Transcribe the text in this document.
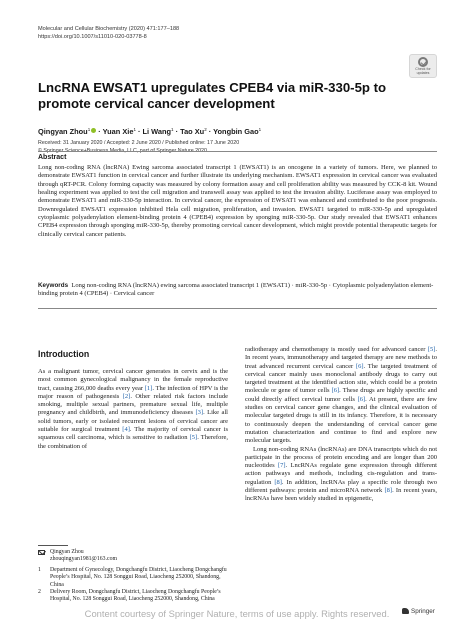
Molecular and Cellular Biochemistry (2020) 471:177–188
https://doi.org/10.1007/s11010-020-03778-8
Check for
updates
LncRNA EWSAT1 upregulates CPEB4 via miR-330-5p to promote cervical cancer development
Qingyan Zhou$^1$ · Yuan Xie$^1$ · Li Wang$^1$ · Tao $Xu^2$ · Yongbin Gao$^1$
Received: 31 January 2020 / Accepted: 2 June 2020 / Published online: 17 June 2020
© Springer Science+Business Media, LLC, part of Springer Nature 2020
Abstract
Long non-coding RNA (lncRNA) Ewing sarcoma associated transcript 1 (EWSAT1) is an oncogene in a variety of tumors. Here, we planned to demonstrate EWSAT1 function in cervical cancer and further illustrate its underlying mechanism. EWSAT1 expression in cervical cancer was evaluated through qRT-PCR. Colony forming capacity was measured by colony formation assay and cell proliferation ability was measured by CCK-8 kit. Wound healing experiment was applied to test the cell migration and transwell assay was applied to test the invasion ability. Luciferase assay was employed to demonstrate EWSAT1 and miR-330-5p interaction. In cervical cancer, the expression of EWSAT1 was enhanced and contributed to the poor prognosis. Downregulated EWSAT1 expression inhibited Hela cell migration, proliferation, and invasion. EWSAT1 targeted to miR-330-5p and upregulated cytoplasmic polyadenylation element-binding protein 4 (CPEB4) expression by sponging miR-330-5p. Our study revealed that EWSAT1 enhances CPEB4 expression through sponging miR-330-5p, thereby promoting cervical cancer development, which might provide potential therapeutic targets for clinically cervical cancer patients.
Keywords Long non-coding RNA (lncRNA) ewing sarcoma associated transcript 1 (EWSAT1) · miR-330-5p · Cytoplasmic polyadenylation element-binding protein 4 (CPEB4) · Cervical cancer
Introduction
As a malignant tumor, cervical cancer generates in cervix and is the most common gynecological malignancy in the female reproductive tract, causing 266,000 deaths every year [1]. The infection of HPV is the major reason of pathogenesis [2]. Other related risk factors include smoking, multiple sexual partners, premature sexual life, multiple pregnancy and childbirth, and immunodeficiency diseases [3]. Like all solid tumors, early or isolated recurrent lesions of cervical cancer are suitable for surgical treatment [4]. The majority of cervical cancer is squamous cell carcinoma, which is sensitive to radiation [5]. Therefore, the combination of

radiotherapy and chemotherapy is mostly used for advanced cancer [5]. In recent years, immunotherapy and targeted therapy are new methods to treat advanced recurrent cervical cancer [6]. The targeted treatment of cervical cancer mainly uses monoclonal antibody drugs to carry out targeted treatment at the identified action site, which could be a protein molecule or gene of tumor cells [6]. These drugs are highly specific and could directly affect cervical tumor cells [6]. At present, there are few studies on cervical cancer gene changes, and the clinical evaluation of molecular targeted drugs is still in its infancy. Therefore, it is necessary to continuously deepen the understanding of cervical cancer gene mutation characterization and continue to find and explore new molecular targets.

Long non-coding RNAs (lncRNAs) are DNA transcripts which do not participate in the process of protein encoding and are longer than 200 nucleotides [7]. LncRNAs regulate gene expression through different action pathways and methods, including cis-regulation and trans-regulation [8]. In addition, lncRNAs play a specific role through two different pathways: protein and microRNA network [8]. In recent years, lncRNAs have been widely studied in epigenetic,

Qingyan Zhou
zhouqingyan1981@163.com
1 Department of Gynecology, Dongchangfu District, Liaocheng Dongchangfu People’s Hospital, No. 128 Songgui Road, Liaocheng 252000, Shandong, China
2 Delivery Room, Dongchangfu District, Liaocheng Dongchangfu People’s Hospital, No. 128 Songgui Road, Liaocheng 252000, Shandong, China
Springer
Content courtesy of Springer Nature, terms of use apply. Rights reserved.
